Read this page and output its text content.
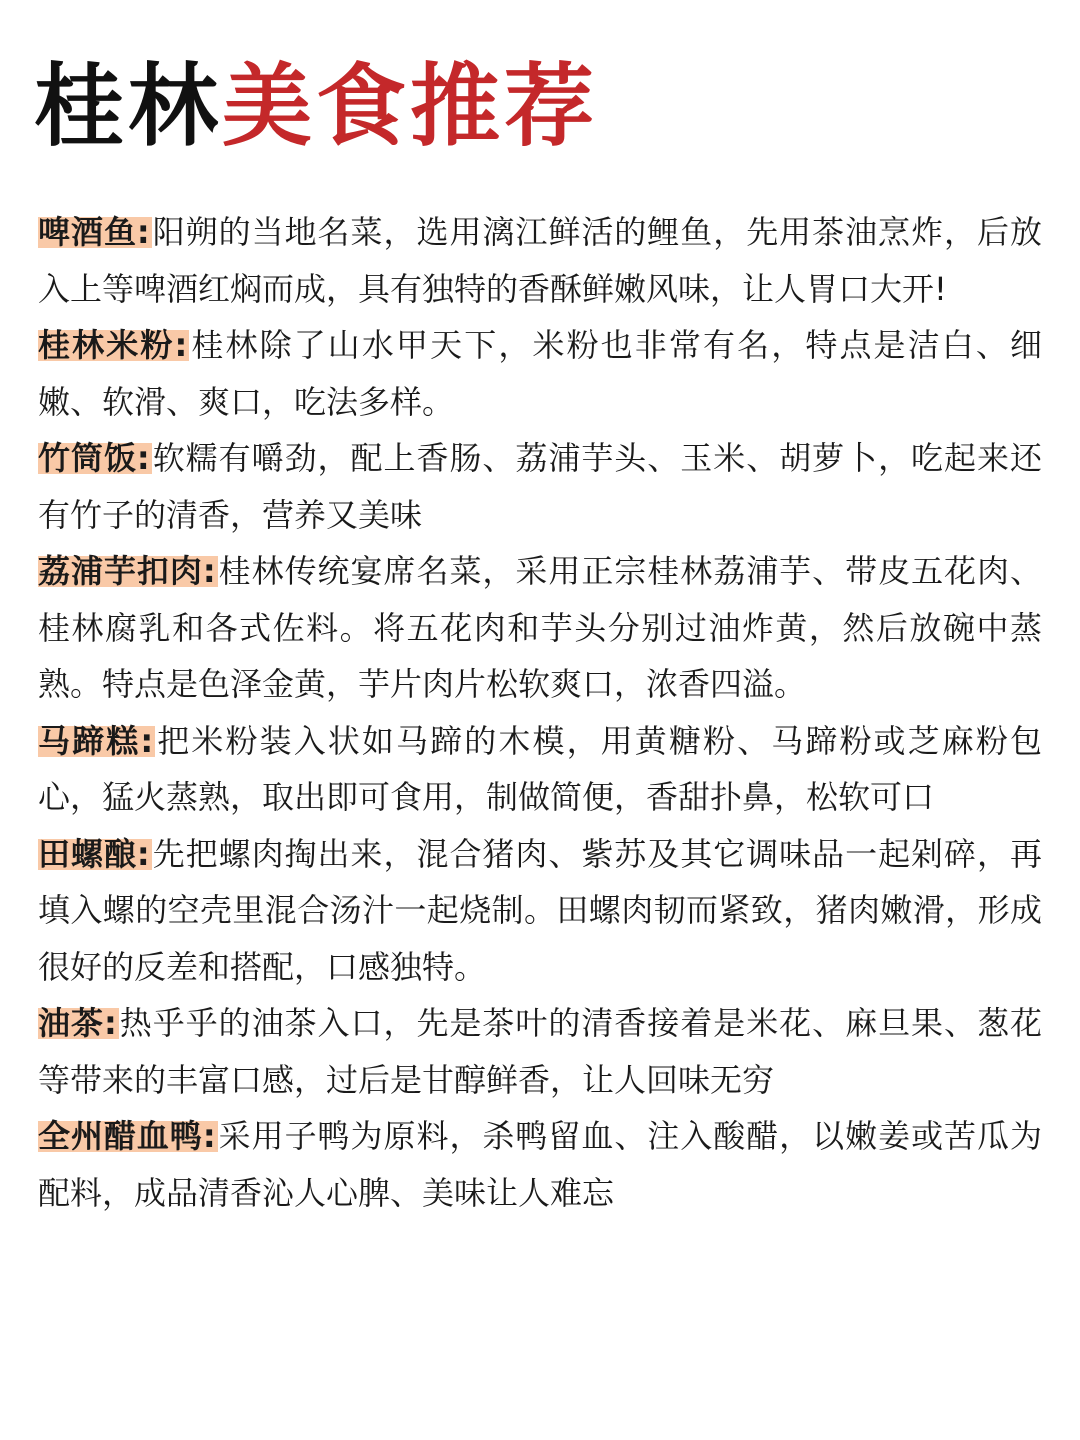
桂林美食推荐

啤酒鱼:阳朔的当地名菜，选用漓江鲜活的鲤鱼，先用茶油烹炸，后放入上等啤酒红焖而成，具有独特的香酥鲜嫩风味，让人胃口大开!

桂林米粉:桂林除了山水甲天下，米粉也非常有名，特点是洁白、细嫩、软滑、爽口，吃法多样。

竹筒饭:软糯有嚼劲，配上香肠、荔浦芋头、玉米、胡萝卜，吃起来还有竹子的清香，营养又美味

荔浦芋扣肉:桂林传统宴席名菜，采用正宗桂林荔浦芋、带皮五花肉、桂林腐乳和各式佐料。将五花肉和芋头分别过油炸黄，然后放碗中蒸熟。特点是色泽金黄，芋片肉片松软爽口，浓香四溢。

马蹄糕:把米粉装入状如马蹄的木模，用黄糖粉、马蹄粉或芝麻粉包心，猛火蒸熟，取出即可食用，制做简便，香甜扑鼻，松软可口

田螺酿:先把螺肉掏出来，混合猪肉、紫苏及其它调味品一起剁碎，再填入螺的空壳里混合汤汁一起烧制。田螺肉韧而紧致，猪肉嫩滑，形成很好的反差和搭配，口感独特。

油茶:热乎乎的油茶入口，先是茶叶的清香接着是米花、麻旦果、葱花等带来的丰富口感，过后是甘醇鲜香，让人回味无穷

全州醋血鸭:采用子鸭为原料，杀鸭留血、注入酸醋，以嫩姜或苦瓜为配料，成品清香沁人心脾、美味让人难忘
